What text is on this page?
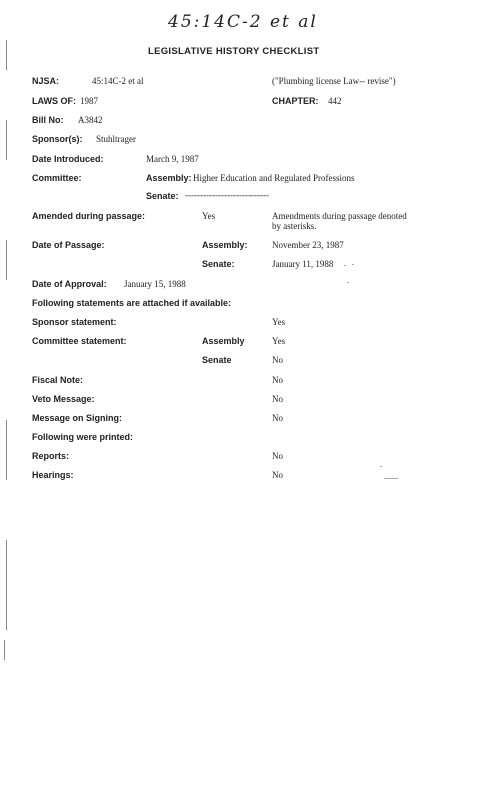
45:14C-2 et al
LEGISLATIVE HISTORY CHECKLIST
NJSA:	45:14C-2 et al	("Plumbing license Law-- revise")
LAWS OF: 1987	CHAPTER: 442
Bill No: A3842
Sponsor(s): Stuhltrager
Date Introduced:	March 9, 1987
Committee:	Assembly: Higher Education and Regulated Professions
Senate: ----------------------------
Amended during passage:	Yes	Amendments during passage denoted
by asterisks.
Date of Passage:	Assembly:	November 23, 1987
Senate:	January 11, 1988
Date of Approval: January 15, 1988
Following statements are attached if available:
Sponsor statement:	Yes
Committee statement:	Assembly	Yes
Senate	No
Fiscal Note:	No
Veto Message:	No
Message on Signing:	No
Following were printed:
Reports:	No
Hearings:	No
